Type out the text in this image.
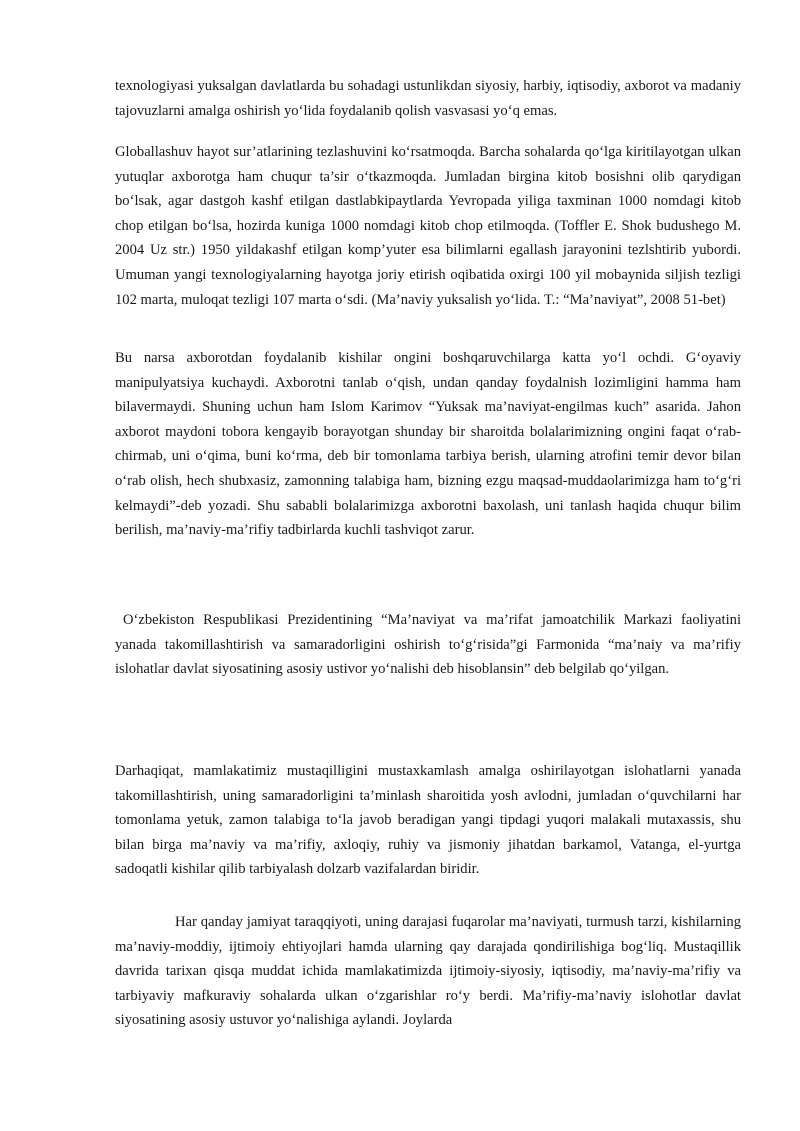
texnologiyasi yuksalgan davlatlarda bu sohadagi ustunlikdan siyosiy, harbiy, iqtisodiy, axborot va madaniy tajovuzlarni amalga oshirish yo‘lida foydalanib qolish vasvasasi yo‘q emas.

Globallashuv hayot sur’atlarining tezlashuvini ko‘rsatmoqda. Barcha sohalarda qo‘lga kiritilayotgan ulkan yutuqlar axborotga ham chuqur ta’sir o‘tkazmoqda. Jumladan birgina kitob bosishni olib qarydigan bo‘lsak, agar dastgoh kashf etilgan dastlabkipaytlarda Yevropada yiliga taxminan 1000 nomdagi kitob chop etilgan bo‘lsa, hozirda kuniga 1000 nomdagi kitob chop etilmoqda. (Toffler E. Shok budushego M. 2004 Uz str.) 1950 yildakashf etilgan komp’yuter esa bilimlarni egallash jarayonini tezlshtirib yubordi. Umuman yangi texnologiyalarning hayotga joriy etirish oqibatida oxirgi 100 yil mobaynida siljish tezligi 102 marta, muloqat tezligi 107 marta o‘sdi. (Ma’naviy yuksalish yo‘lida. T.: “Ma’naviyat”, 2008 51-bet)

Bu narsa axborotdan foydalanib kishilar ongini boshqaruvchilarga katta yo‘l ochdi. G‘oyaviy manipulyatsiya kuchaydi. Axborotni tanlab o‘qish, undan qanday foydalnish lozimligini hamma ham bilavermaydi. Shuning uchun ham Islom Karimov “Yuksak ma’naviyat-engilmas kuch” asarida. Jahon axborot maydoni tobora kengayib borayotgan shunday bir sharoitda bolalarimizning ongini faqat o‘rab-chirmab, uni o‘qima, buni ko‘rma, deb bir tomonlama tarbiya berish, ularning atrofini temir devor bilan o‘rab olish, hech shubxasiz, zamonning talabiga ham, bizning ezgu maqsad-muddaolarimizga ham to‘g‘ri kelmaydi”-deb yozadi. Shu sababli bolalarimizga axborotni baxolash, uni tanlash haqida chuqur bilim berilish, ma’naviy-ma’rifiy tadbirlarda kuchli tashviqot zarur.

O‘zbekiston Respublikasi Prezidentining “Ma’naviyat va ma’rifat jamoatchilik Markazi faoliyatini yanada takomillashtirish va samaradorligini oshirish to‘g‘risida”gi Farmonida “ma’naiy va ma’rifiy islohatlar davlat siyosatining asosiy ustivor yo‘nalishi deb hisoblansin” deb belgilab qo‘yilgan.

Darhaqiqat, mamlakatimiz mustaqilligini mustaxkamlash amalga oshirilayotgan islohatlarni yanada takomillashtirish, uning samaradorligini ta’minlash sharoitida yosh avlodni, jumladan o‘quvchilarni har tomonlama yetuk, zamon talabiga to‘la javob beradigan yangi tipdagi yuqori malakali mutaxassis, shu bilan birga ma’naviy va ma’rifiy, axloqiy, ruhiy va jismoniy jihatdan barkamol, Vatanga, el-yurtga sadoqatli kishilar qilib tarbiyalash dolzarb vazifalardan biridir.

Har qanday jamiyat taraqqiyoti, uning darajasi fuqarolar ma’naviyati, turmush tarzi, kishilarning ma’naviy-moddiy, ijtimoiy ehtiyojlari hamda ularning qay darajada qondirilishiga bog‘liq. Mustaqillik davrida tarixan qisqa muddat ichida mamlakatimizda ijtimoiy-siyosiy, iqtisodiy, ma’naviy-ma’rifiy va tarbiyaviy mafkuraviy sohalarda ulkan o‘zgarishlar ro‘y berdi. Ma’rifiy-ma’naviy islohotlar davlat siyosatining asosiy ustuvor yo‘nalishiga aylandi. Joylarda
